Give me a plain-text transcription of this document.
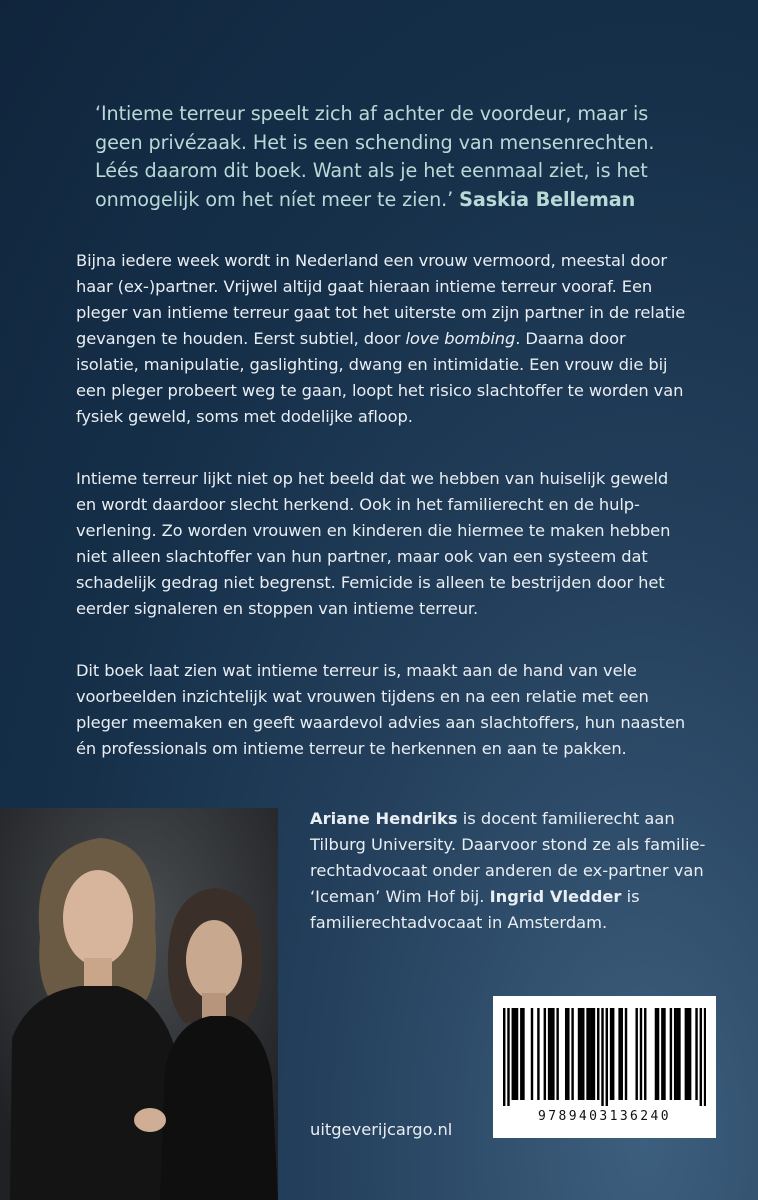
‘Intieme terreur speelt zich af achter de voordeur, maar is geen privézaak. Het is een schending van mensenrechten. Léés daarom dit boek. Want als je het eenmaal ziet, is het onmogelijk om het níet meer te zien.’ Saskia Belleman
Bijna iedere week wordt in Nederland een vrouw vermoord, meestal door haar (ex-)partner. Vrijwel altijd gaat hieraan intieme terreur vooraf. Een pleger van intieme terreur gaat tot het uiterste om zijn partner in de relatie gevangen te houden. Eerst subtiel, door love bombing. Daarna door isolatie, manipulatie, gaslighting, dwang en intimidatie. Een vrouw die bij een pleger probeert weg te gaan, loopt het risico slachtoffer te worden van fysiek geweld, soms met dodelijke afloop.
Intieme terreur lijkt niet op het beeld dat we hebben van huiselijk geweld en wordt daardoor slecht herkend. Ook in het familierecht en de hulp-verlening. Zo worden vrouwen en kinderen die hiermee te maken hebben niet alleen slachtoffer van hun partner, maar ook van een systeem dat schadelijk gedrag niet begrenst. Femicide is alleen te bestrijden door het eerder signaleren en stoppen van intieme terreur.
Dit boek laat zien wat intieme terreur is, maakt aan de hand van vele voorbeelden inzichtelijk wat vrouwen tijdens en na een relatie met een pleger meemaken en geeft waardevol advies aan slachtoffers, hun naasten én professionals om intieme terreur te herkennen en aan te pakken.
Ariane Hendriks is docent familierecht aan Tilburg University. Daarvoor stond ze als familie-rechtadvocaat onder anderen de ex-partner van ‘Iceman’ Wim Hof bij. Ingrid Vledder is familierechtadvocaat in Amsterdam.
uitgeverijcargo.nl
9789403136240
